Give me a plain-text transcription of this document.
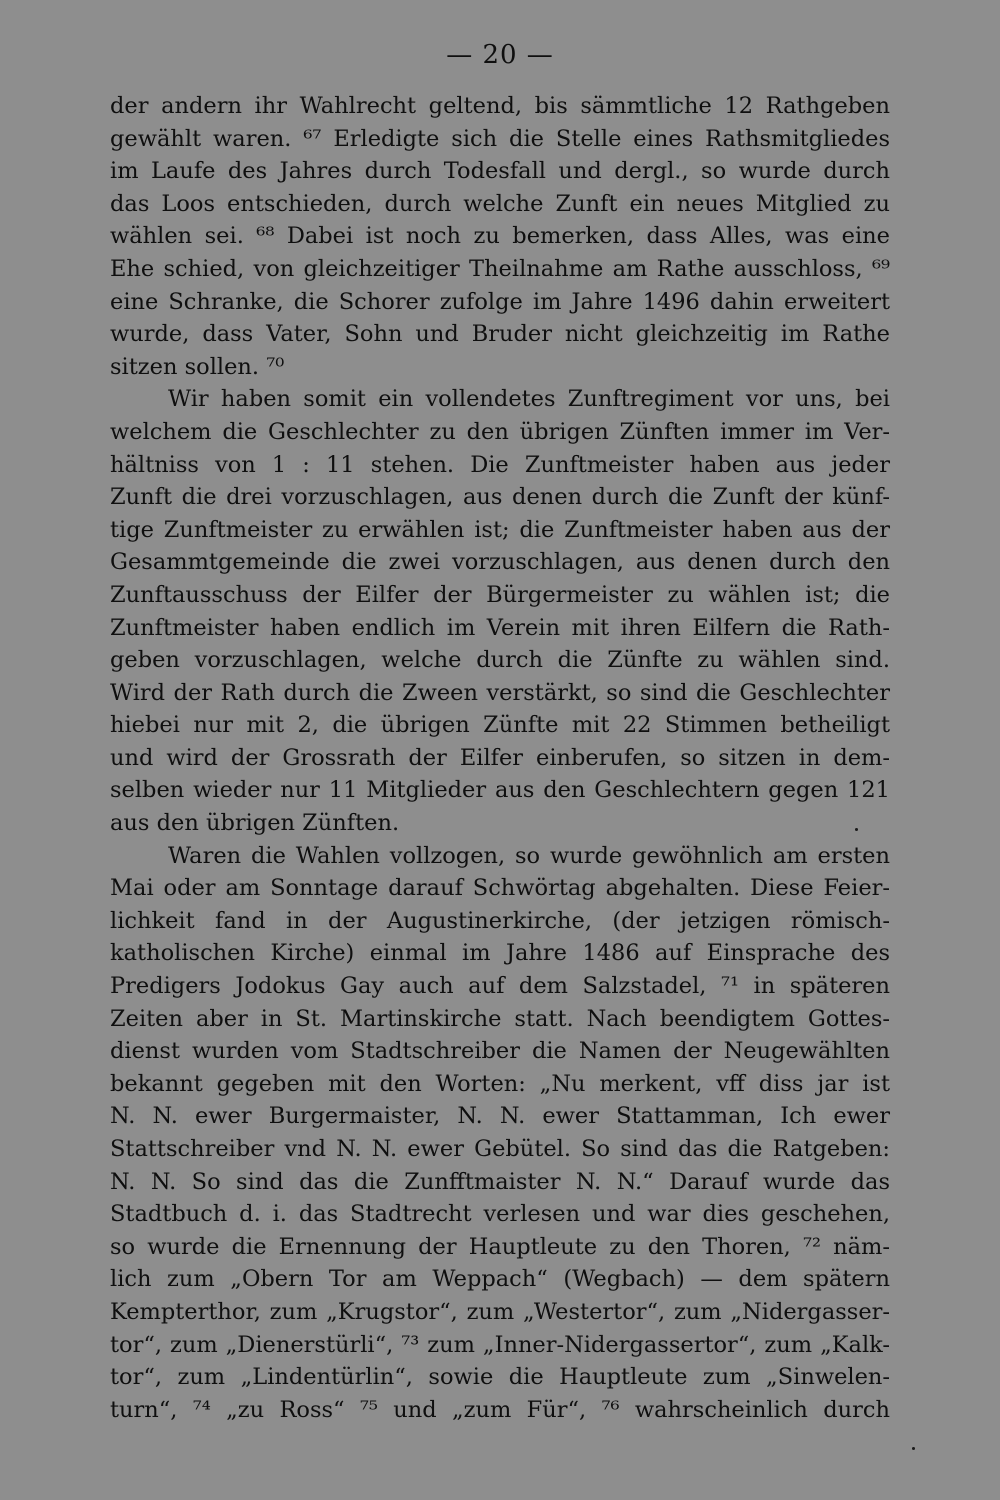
— 20 —
der andern ihr Wahlrecht geltend, bis sämmtliche 12 Rathgeben
gewählt waren. ⁶⁷ Erledigte sich die Stelle eines Rathsmitgliedes
im Laufe des Jahres durch Todesfall und dergl., so wurde durch
das Loos entschieden, durch welche Zunft ein neues Mitglied zu
wählen sei. ⁶⁸ Dabei ist noch zu bemerken, dass Alles, was eine
Ehe schied, von gleichzeitiger Theilnahme am Rathe ausschloss, ⁶⁹
eine Schranke, die Schorer zufolge im Jahre 1496 dahin erweitert
wurde, dass Vater, Sohn und Bruder nicht gleichzeitig im Rathe
sitzen sollen. ⁷⁰
Wir haben somit ein vollendetes Zunftregiment vor uns, bei
welchem die Geschlechter zu den übrigen Zünften immer im Ver-
hältniss von 1 : 11 stehen. Die Zunftmeister haben aus jeder
Zunft die drei vorzuschlagen, aus denen durch die Zunft der künf-
tige Zunftmeister zu erwählen ist; die Zunftmeister haben aus der
Gesammtgemeinde die zwei vorzuschlagen, aus denen durch den
Zunftausschuss der Eilfer der Bürgermeister zu wählen ist; die
Zunftmeister haben endlich im Verein mit ihren Eilfern die Rath-
geben vorzuschlagen, welche durch die Zünfte zu wählen sind.
Wird der Rath durch die Zween verstärkt, so sind die Geschlechter
hiebei nur mit 2, die übrigen Zünfte mit 22 Stimmen betheiligt
und wird der Grossrath der Eilfer einberufen, so sitzen in dem-
selben wieder nur 11 Mitglieder aus den Geschlechtern gegen 121
aus den übrigen Zünften.
Waren die Wahlen vollzogen, so wurde gewöhnlich am ersten
Mai oder am Sonntage darauf Schwörtag abgehalten. Diese Feier-
lichkeit fand in der Augustinerkirche, (der jetzigen römisch-
katholischen Kirche) einmal im Jahre 1486 auf Einsprache des
Predigers Jodokus Gay auch auf dem Salzstadel, ⁷¹ in späteren
Zeiten aber in St. Martinskirche statt. Nach beendigtem Gottes-
dienst wurden vom Stadtschreiber die Namen der Neugewählten
bekannt gegeben mit den Worten: „Nu merkent, vff diss jar ist
N. N. ewer Burgermaister, N. N. ewer Stattamman, Ich ewer
Stattschreiber vnd N. N. ewer Gebütel. So sind das die Ratgeben:
N. N. So sind das die Zunfftmaister N. N.“ Darauf wurde das
Stadtbuch d. i. das Stadtrecht verlesen und war dies geschehen,
so wurde die Ernennung der Hauptleute zu den Thoren, ⁷² näm-
lich zum „Obern Tor am Weppach“ (Wegbach) — dem spätern
Kempterthor, zum „Krugstor“, zum „Westertor“, zum „Nidergasser-
tor“, zum „Dienerstürli“, ⁷³ zum „Inner-Nidergassertor“, zum „Kalk-
tor“, zum „Lindentürlin“, sowie die Hauptleute zum „Sinwelen-
turn“, ⁷⁴ „zu Ross“ ⁷⁵ und „zum Für“, ⁷⁶ wahrscheinlich durch
